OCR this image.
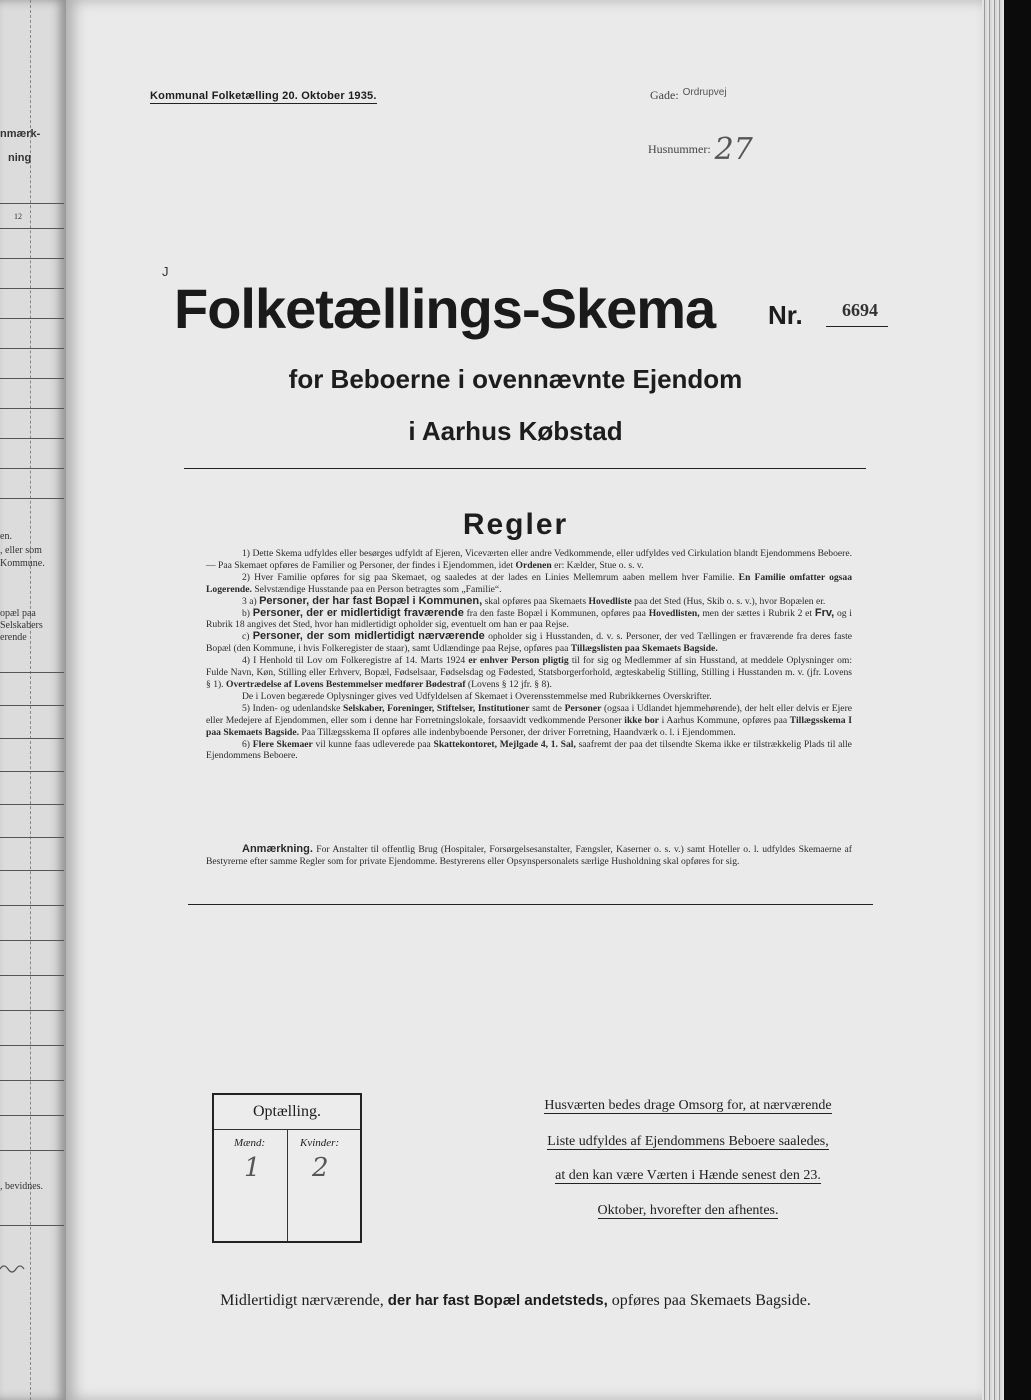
nmærk-
ning
12
en.
, eller som
Kommune.
opæl paa
Selskabers
erende
, bevidnes.
Kommunal Folketælling 20. Oktober 1935.	Gade: $^{Ordrupvej}$
Husnummer: 27
J
Folketællings-Skema Nr. 6694
for Beboerne i ovennævnte Ejendom
i Aarhus Købstad
Regler

1) Dette Skema udfyldes eller besørges udfyldt af Ejeren, Viceværten eller andre Vedkommende, eller udfyldes ved Cirkulation blandt Ejendommens Beboere. — Paa Skemaet opføres de Familier og Personer, der findes i Ejendommen, idet Ordenen er: Kælder, Stue o. s. v.

2) Hver Familie opføres for sig paa Skemaet, og saaledes at der lades en Linies Mellemrum aaben mellem hver Familie. En Familie omfatter ogsaa Logerende. Selvstændige Husstande paa en Person betragtes som „Familie“.

3 a) Personer, der har fast Bopæl i Kommunen, skal opføres paa Skemaets Hovedliste paa det Sted (Hus, Skib o. s. v.), hvor Bopælen er.

b) Personer, der er midlertidigt fraværende fra den faste Bopæl i Kommunen, opføres paa Hovedlisten, men der sættes i Rubrik 2 et Frv, og i Rubrik 18 angives det Sted, hvor han midlertidigt opholder sig, eventuelt om han er paa Rejse.

c) Personer, der som midlertidigt nærværende opholder sig i Husstanden, d. v. s. Personer, der ved Tællingen er fraværende fra deres faste Bopæl (den Kommune, i hvis Folkeregister de staar), samt Udlændinge paa Rejse, opføres paa Tillægslisten paa Skemaets Bagside.

4) I Henhold til Lov om Folkeregistre af 14. Marts 1924 er enhver Person pligtig til for sig og Medlemmer af sin Husstand, at meddele Oplysninger om: Fulde Navn, Køn, Stilling eller Erhverv, Bopæl, Fødselsaar, Fødselsdag og Fødested, Statsborgerforhold, ægteskabelig Stilling, Stilling i Husstanden m. v. (jfr. Lovens § 1). Overtrædelse af Lovens Bestemmelser medfører Bødestraf (Lovens § 12 jfr. § 8).

De i Loven begærede Oplysninger gives ved Udfyldelsen af Skemaet i Overensstemmelse med Rubrikkernes Overskrifter.

5) Inden- og udenlandske Selskaber, Foreninger, Stiftelser, Institutioner samt de Personer (ogsaa i Udlandet hjemmehørende), der helt eller delvis er Ejere eller Medejere af Ejendommen, eller som i denne har Forretningslokale, forsaavidt vedkommende Personer ikke bor i Aarhus Kommune, opføres paa Tillægsskema I paa Skemaets Bagside. Paa Tillægsskema II opføres alle indenbyboende Personer, der driver Forretning, Haandværk o. l. i Ejendommen.

6) Flere Skemaer vil kunne faas udleverede paa Skattekontoret, Mejlgade 4, 1. Sal, saafremt der paa det tilsendte Skema ikke er tilstrækkelig Plads til alle Ejendommens Beboere.

Anmærkning. For Anstalter til offentlig Brug (Hospitaler, Forsørgelsesanstalter, Fængsler, Kaserner o. s. v.) samt Hoteller o. l. udfyldes Skemaerne af Bestyrerne efter samme Regler som for private Ejendomme. Bestyrerens eller Opsynspersonalets særlige Husholdning skal opføres for sig.
Optælling.
Mænd:	Kvinder:
1 2
Husværten bedes drage Omsorg for, at nærværende
Liste udfyldes af Ejendommens Beboere saaledes,
at den kan være Værten i Hænde senest den 23.
Oktober, hvorefter den afhentes.
Midlertidigt nærværende, der har fast Bopæl andetsteds, opføres paa Skemaets Bagside.
